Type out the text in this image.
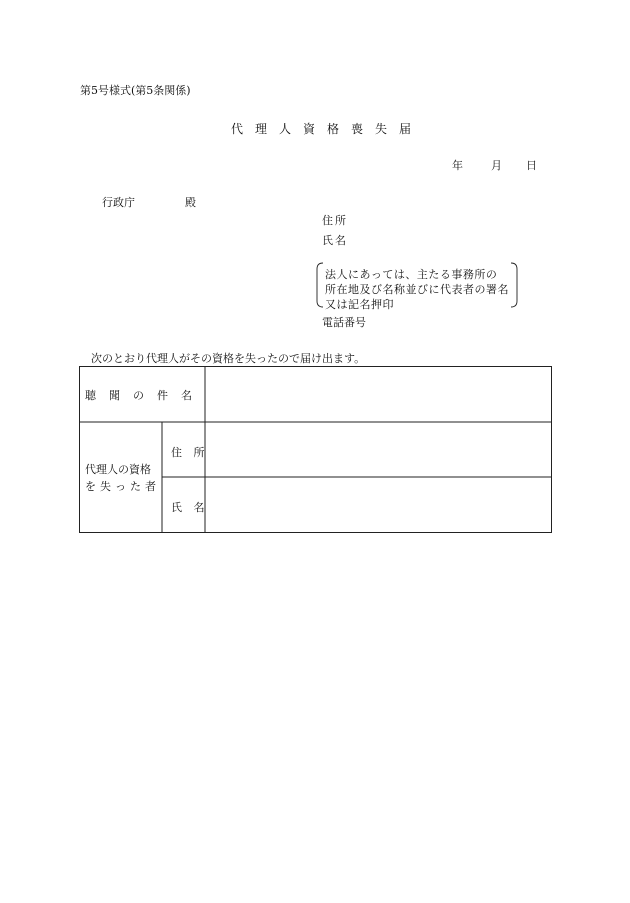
第5号様式(第5条関係)
代理人資格喪失届
年	月 日
行政庁	殿
住所
氏名
法人にあっては、主たる事務所の
所在地及び名称並びに代表者の署名
又は記名押印
電話番号
次のとおり代理人がその資格を失ったので届け出ます。
聴聞の件名
代理人の資格
を失った者
住 所
氏 名
